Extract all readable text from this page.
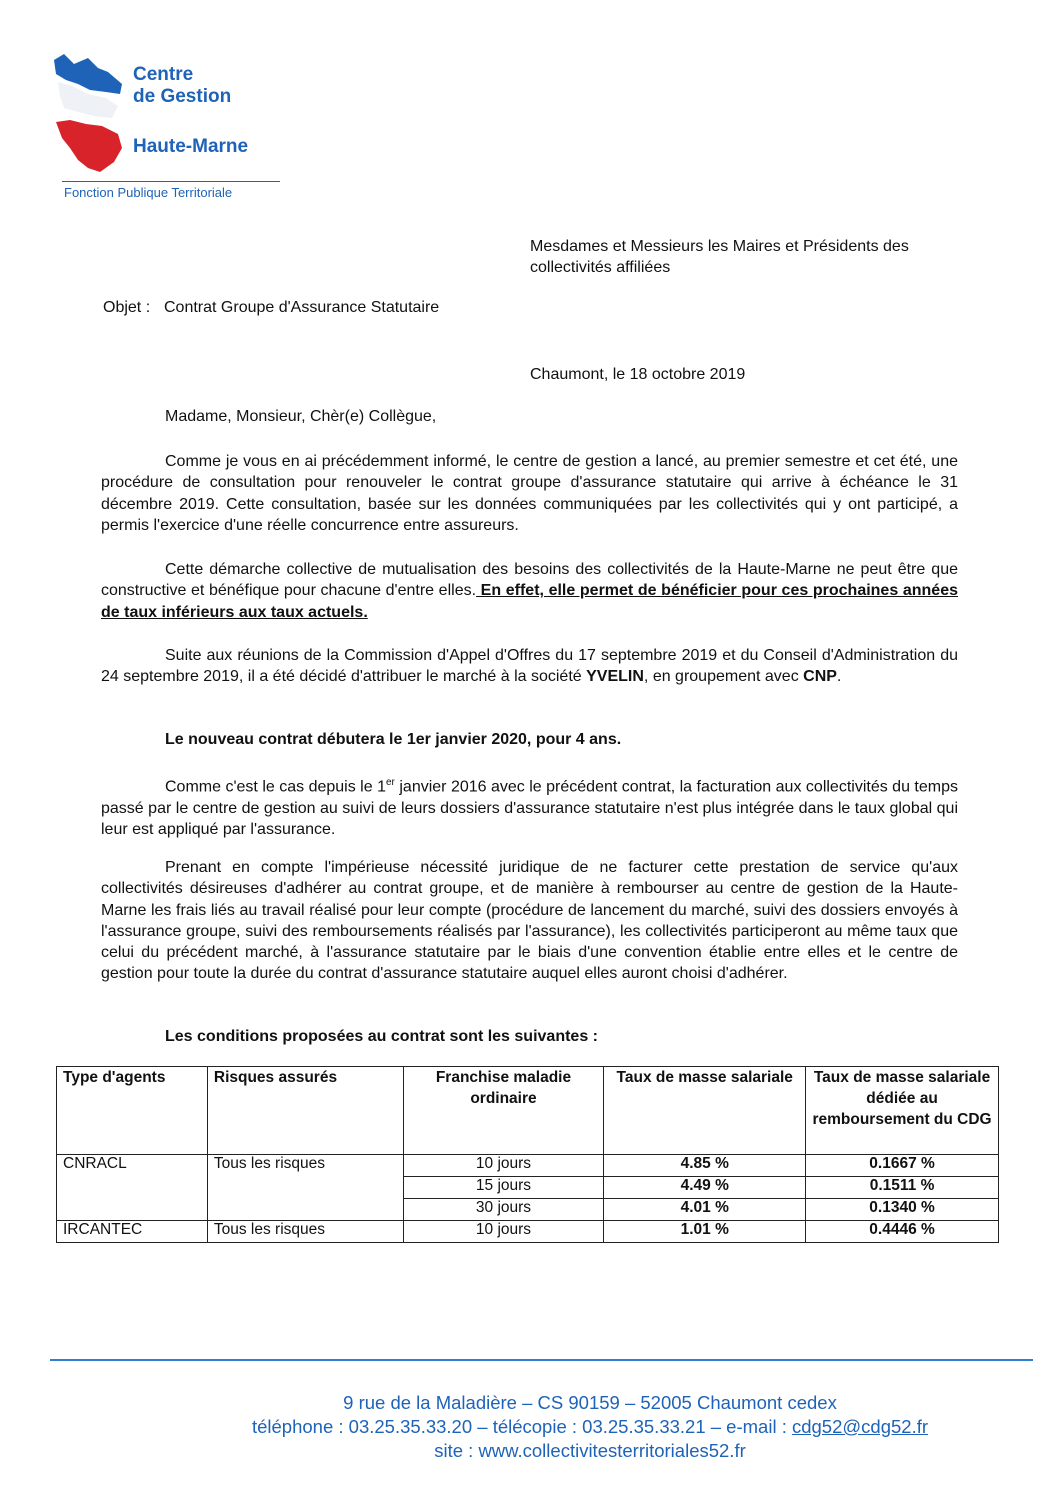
Centre
de Gestion
Haute-Marne
Fonction Publique Territoriale
Mesdames et Messieurs les Maires et Présidents des collectivités affiliées
Objet : Contrat Groupe d'Assurance Statutaire
Chaumont, le 18 octobre 2019
Madame, Monsieur, Chèr(e) Collègue,
Comme je vous en ai précédemment informé, le centre de gestion a lancé, au premier semestre et cet été, une procédure de consultation pour renouveler le contrat groupe d'assurance statutaire qui arrive à échéance le 31 décembre 2019. Cette consultation, basée sur les données communiquées par les collectivités qui y ont participé, a permis l'exercice d'une réelle concurrence entre assureurs.
Cette démarche collective de mutualisation des besoins des collectivités de la Haute-Marne ne peut être que constructive et bénéfique pour chacune d'entre elles. En effet, elle permet de bénéficier pour ces prochaines années de taux inférieurs aux taux actuels.
Suite aux réunions de la Commission d'Appel d'Offres du 17 septembre 2019 et du Conseil d'Administration du 24 septembre 2019, il a été décidé d'attribuer le marché à la société YVELIN, en groupement avec CNP.
Le nouveau contrat débutera le 1er janvier 2020, pour 4 ans.
Comme c'est le cas depuis le 1er janvier 2016 avec le précédent contrat, la facturation aux collectivités du temps passé par le centre de gestion au suivi de leurs dossiers d'assurance statutaire n'est plus intégrée dans le taux global qui leur est appliqué par l'assurance.
Prenant en compte l'impérieuse nécessité juridique de ne facturer cette prestation de service qu'aux collectivités désireuses d'adhérer au contrat groupe, et de manière à rembourser au centre de gestion de la Haute-Marne les frais liés au travail réalisé pour leur compte (procédure de lancement du marché, suivi des dossiers envoyés à l'assurance groupe, suivi des remboursements réalisés par l'assurance), les collectivités participeront au même taux que celui du précédent marché, à l'assurance statutaire par le biais d'une convention établie entre elles et le centre de gestion pour toute la durée du contrat d'assurance statutaire auquel elles auront choisi d'adhérer.
Les conditions proposées au contrat sont les suivantes :
Type d'agents	Risques assurés	Franchise maladie ordinaire	Taux de masse salariale	Taux de masse salariale dédiée au remboursement du CDG
CNRACL	Tous les risques	10 jours	4.85 %	0.1667 %
		15 jours	4.49 %	0.1511 %
		30 jours	4.01 %	0.1340 %
IRCANTEC	Tous les risques	10 jours	1.01 %	0.4446 %
9 rue de la Maladière – CS 90159 – 52005 Chaumont cedex
téléphone : 03.25.35.33.20 – télécopie : 03.25.35.33.21 – e-mail : cdg52@cdg52.fr
site : www.collectivitesterritoriales52.fr
